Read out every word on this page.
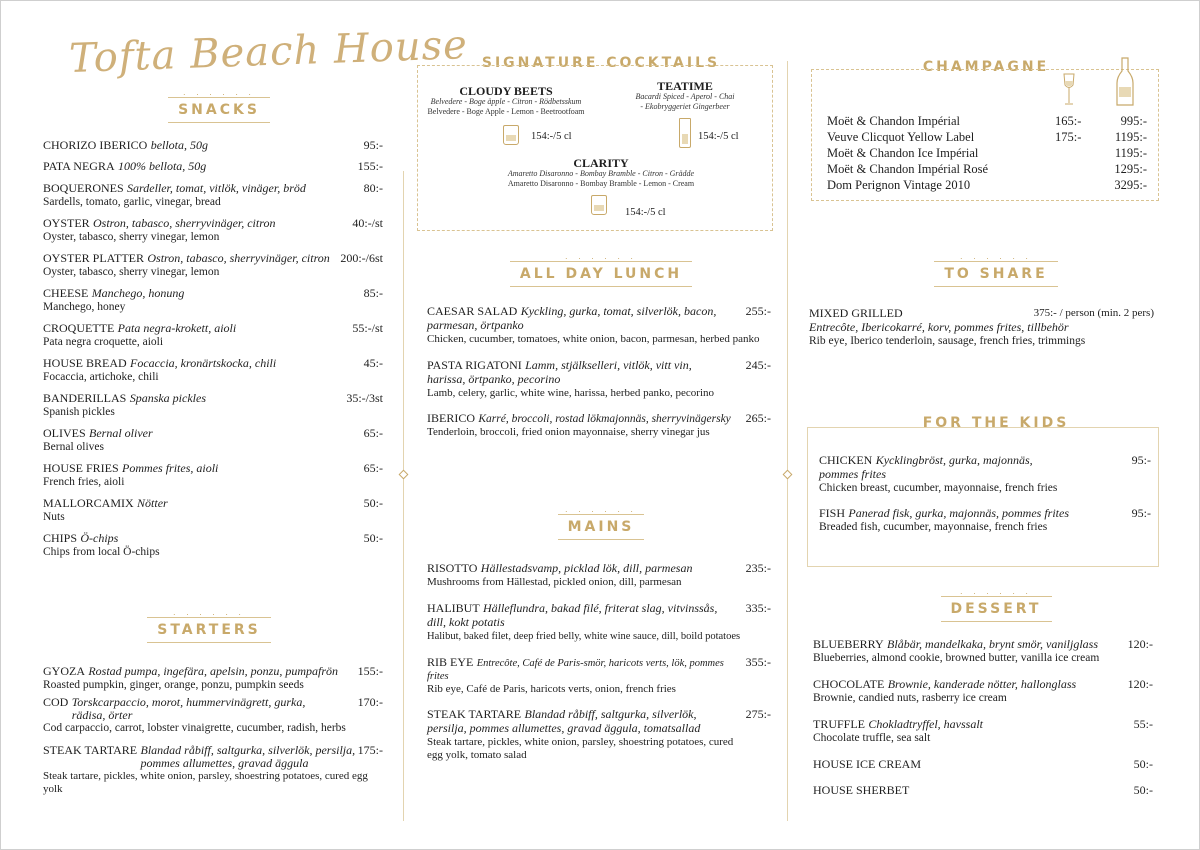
Tofta Beach House
. . . . . .
SNACKS
. . . . . .
STARTERS
SIGNATURE COCKTAILS
. . . . . .
ALL DAY LUNCH
. . . . . .
MAINS
CHAMPAGNE
. . . . . .
TO SHARE
FOR THE KIDS
. . . . . .
DESSERT
CLOUDY BEETS
Belvedere - Boge äpple - Citron - Rödbetsskum
Belvedere - Boge Apple - Lemon - Beetrootfoam
154:-/5 cl
TEATIME
Bacardi Spiced - Aperol - Chai
- Ekobryggeriet Gingerbeer
154:-/5 cl
CLARITY
Amaretto Disaronno - Bombay Bramble - Citron - Grädde
Amaretto Disaronno - Bombay Bramble - Lemon - Cream
154:-/5 cl
Moët & Chandon Impérial	165:-	995:-
Veuve Clicquot Yellow Label	175:-	1195:-
Moët & Chandon Ice Impérial	1195:-
Moët & Chandon Impérial Rosé	1295:-
Dom Perignon Vintage 2010	3295:-
CHORIZO IBERICO bellota, 50g	95:-
PATA NEGRA 100% bellota, 50g	155:-
BOQUERONES Sardeller, tomat, vitlök, vinäger, bröd
Sardells, tomato, garlic, vinegar, bread
80:-
OYSTER Ostron, tabasco, sherryvinäger, citron
Oyster, tabasco, sherry vinegar, lemon
40:-/st
OYSTER PLATTER Ostron, tabasco, sherryvinäger, citron
Oyster, tabasco, sherry vinegar, lemon
200:-/6st
CHEESE Manchego, honung
Manchego, honey
85:-
CROQUETTE Pata negra-krokett, aioli
Pata negra croquette, aioli
55:-/st
HOUSE BREAD Focaccia, kronärtskocka, chili
Focaccia, artichoke, chili
45:-
BANDERILLAS Spanska pickles
Spanish pickles
35:-/3st
OLIVES Bernal oliver
Bernal olives
65:-
HOUSE FRIES Pommes frites, aioli
French fries, aioli
65:-
MALLORCAMIX Nötter
Nuts
50:-
CHIPS Ö-chips
Chips from local Ö-chips
50:-
GYOZA Rostad pumpa, ingefära, apelsin, ponzu, pumpafrön
Roasted pumpkin, ginger, orange, ponzu, pumpkin seeds
155:-
COD Torskcarpaccio, morot, hummervinägrett, gurka, rädisa, örter
Cod carpaccio, carrot, lobster vinaigrette, cucumber, radish, herbs
170:-
STEAK TARTARE Blandad råbiff, saltgurka, silverlök, persilja, pommes allumettes, gravad äggula
Steak tartare, pickles, white onion, parsley, shoestring potatoes, cured egg yolk
175:-
CAESAR SALAD Kyckling, gurka, tomat, silverlök, bacon, parmesan, örtpanko
Chicken, cucumber, tomatoes, white onion, bacon, parmesan, herbed panko
255:-
PASTA RIGATONI Lamm, stjälkselleri, vitlök, vitt vin, harissa, örtpanko, pecorino
Lamb, celery, garlic, white wine, harissa, herbed panko, pecorino
245:-
IBERICO Karré, broccoli, rostad lökmajonnäs, sherryvinägersky
Tenderloin, broccoli, fried onion mayonnaise, sherry vinegar jus
265:-
RISOTTO Hällestadsvamp, picklad lök, dill, parmesan
Mushrooms from Hällestad, pickled onion, dill, parmesan
235:-
HALIBUT Hälleflundra, bakad filé, friterat slag, vitvinssås, dill, kokt potatis
Halibut, baked filet, deep fried belly, white wine sauce, dill, boild potatoes
335:-
RIB EYE Entrecôte, Café de Paris-smör, haricots verts, lök, pommes frites
Rib eye, Café de Paris, haricots verts, onion, french fries
355:-
STEAK TARTARE Blandad råbiff, saltgurka, silverlök, persilja, pommes allumettes, gravad äggula, tomatsallad
Steak tartare, pickles, white onion, parsley, shoestring potatoes, cured egg yolk, tomato salad
275:-
MIXED GRILLED
Entrecôte, Ibericokarré, korv, pommes frites, tillbehör
Rib eye, Iberico tenderloin, sausage, french fries, trimmings
375:- / person (min. 2 pers)
CHICKEN Kycklingbröst, gurka, majonnäs, pommes frites
Chicken breast, cucumber, mayonnaise, french fries
95:-
FISH Panerad fisk, gurka, majonnäs, pommes frites
Breaded fish, cucumber, mayonnaise, french fries
95:-
BLUEBERRY Blåbär, mandelkaka, brynt smör, vaniljglass
Blueberries, almond cookie, browned butter, vanilla ice cream
120:-
CHOCOLATE Brownie, kanderade nötter, hallonglass
Brownie, candied nuts, rasberry ice cream
120:-
TRUFFLE Chokladtryffel, havssalt
Chocolate truffle, sea salt
55:-
HOUSE ICE CREAM	50:-
HOUSE SHERBET	50:-
